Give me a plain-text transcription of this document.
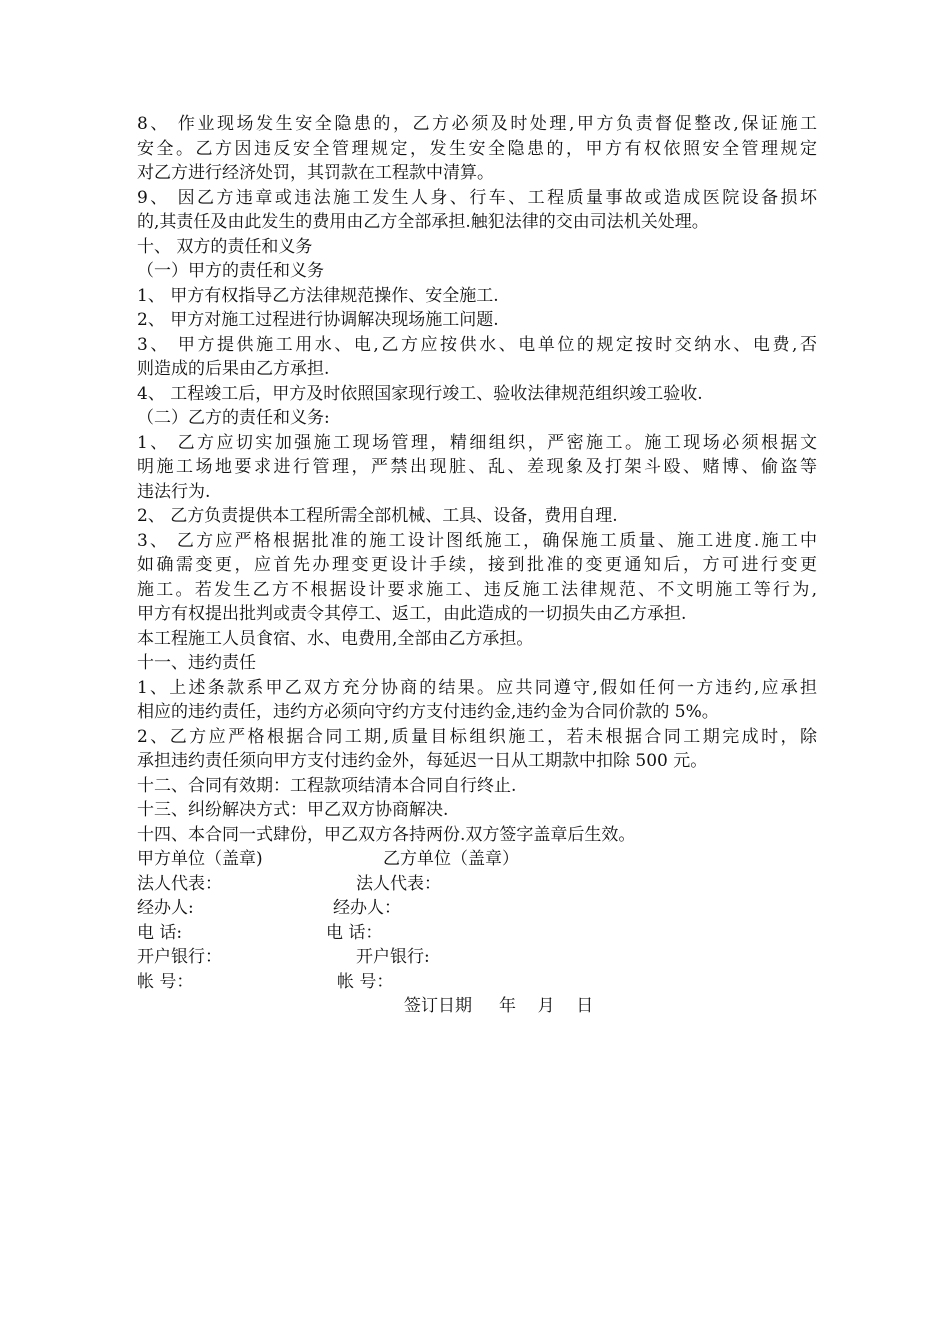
8、 作业现场发生安全隐患的，乙方必须及时处理,甲方负责督促整改,保证施工
安全。乙方因违反安全管理规定，发生安全隐患的，甲方有权依照安全管理规定
对乙方进行经济处罚，其罚款在工程款中清算。
9、 因乙方违章或违法施工发生人身、行车、工程质量事故或造成医院设备损坏
的,其责任及由此发生的费用由乙方全部承担.触犯法律的交由司法机关处理。
十、 双方的责任和义务
（一）甲方的责任和义务
1、 甲方有权指导乙方法律规范操作、安全施工.
2、 甲方对施工过程进行协调解决现场施工问题.
3、 甲方提供施工用水、电,乙方应按供水、电单位的规定按时交纳水、电费,否
则造成的后果由乙方承担.
4、 工程竣工后，甲方及时依照国家现行竣工、验收法律规范组织竣工验收.
（二）乙方的责任和义务:
1、 乙方应切实加强施工现场管理，精细组织，严密施工。施工现场必须根据文
明施工场地要求进行管理，严禁出现脏、乱、差现象及打架斗殴、赌博、偷盗等
违法行为.
2、 乙方负责提供本工程所需全部机械、工具、设备，费用自理.
3、 乙方应严格根据批准的施工设计图纸施工，确保施工质量、施工进度.施工中
如确需变更，应首先办理变更设计手续，接到批准的变更通知后，方可进行变更
施工。若发生乙方不根据设计要求施工、违反施工法律规范、不文明施工等行为,
甲方有权提出批判或责令其停工、返工，由此造成的一切损失由乙方承担.
本工程施工人员食宿、水、电费用,全部由乙方承担。
十一、违约责任
1、上述条款系甲乙双方充分协商的结果。应共同遵守,假如任何一方违约,应承担
相应的违约责任，违约方必须向守约方支付违约金,违约金为合同价款的 5%。
2、乙方应严格根据合同工期,质量目标组织施工，若未根据合同工期完成时，除
承担违约责任须向甲方支付违约金外，每延迟一日从工期款中扣除 500 元。
十二、合同有效期：工程款项结清本合同自行终止.
十三、纠纷解决方式：甲乙双方协商解决.
十四、本合同一式肆份，甲乙双方各持两份.双方签字盖章后生效。
甲方单位（盖章)	乙方单位（盖章）
法人代表：	法人代表：
经办人:	经办人：
电 话:	电 话：
开户银行：	开户银行:
帐 号：	帐 号：
签订日期     年    月    日
